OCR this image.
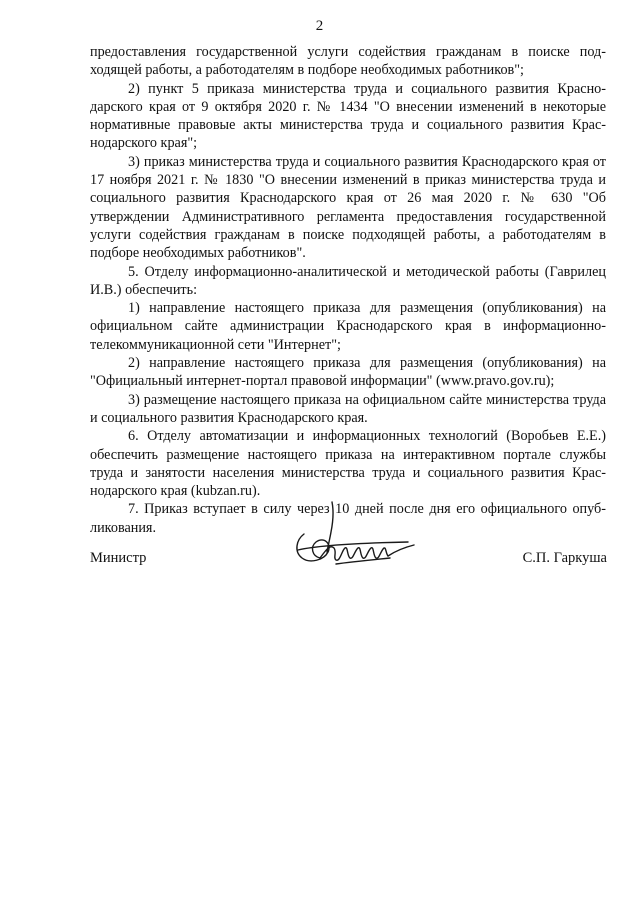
2

предоставления государственной услуги содействия гражданам в поиске подходящей работы, а работодателям в подборе необходимых работников";

2) пункт 5 приказа министерства труда и социального развития Краснодарского края от 9 октября 2020 г. № 1434 "О внесении изменений в некоторые нормативные правовые акты министерства труда и социального развития Краснодарского края";

3) приказ министерства труда и социального развития Краснодарского края от 17 ноября 2021 г. № 1830 "О внесении изменений в приказ министерства труда и социального развития Краснодарского края от 26 мая 2020 г. № 630 "Об утверждении Административного регламента предоставления государственной услуги содействия гражданам в поиске подходящей работы, а работодателям в подборе необходимых работников".

5. Отделу информационно-аналитической и методической работы (Гаврилец И.В.) обеспечить:

1) направление настоящего приказа для размещения (опубликования) на официальном сайте администрации Краснодарского края в информационно-телекоммуникационной сети "Интернет";

2) направление настоящего приказа для размещения (опубликования) на "Официальный интернет-портал правовой информации" (www.pravo.gov.ru);

3) размещение настоящего приказа на официальном сайте министерства труда и социального развития Краснодарского края.

6. Отделу автоматизации и информационных технологий (Воробьев Е.Е.) обеспечить размещение настоящего приказа на интерактивном портале службы труда и занятости населения министерства труда и социального развития Краснодарского края (kubzan.ru).

7. Приказ вступает в силу через 10 дней после дня его официального опубликования.

Министр	С.П. Гаркуша
